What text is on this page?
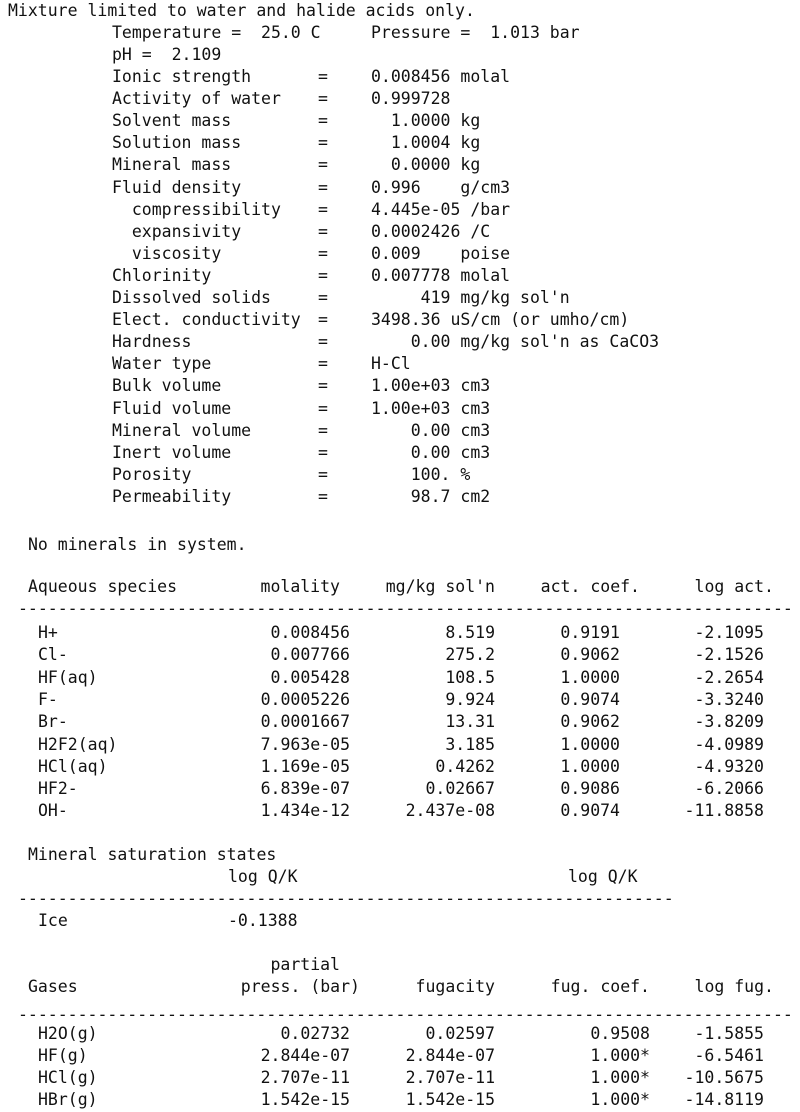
Mixture limited to water and halide acids only.
Temperature =  25.0 C	Pressure =  1.013 bar
pH =  2.109
Ionic strength	=	0.008456 molal
Activity of water =	0.999728
Solvent mass	=	1.0000 kg
Solution mass	=	1.0004 kg
Mineral mass	=	0.0000 kg
Fluid density	=	0.996    g/cm3
compressibility =	4.445e-05 /bar
expansivity	=	0.0002426 /C
viscosity	=	0.009    poise
Chlorinity	=	0.007778 molal
Dissolved solids	=	419 mg/kg sol'n
Elect. conductivity =	3498.36 uS/cm (or umho/cm)
Hardness	=	0.00 mg/kg sol'n as CaCO3
Water type	=	H-Cl
Bulk volume	=	1.00e+03 cm3
Fluid volume	=	1.00e+03 cm3
Mineral volume	=	0.00 cm3
Inert volume	=	0.00 cm3
Porosity	=	100. %
Permeability	=	98.7 cm2
No minerals in system.
Aqueous species	molality	mg/kg sol'n	act. coef.	log act.
------------------------------------------------------------------------------
H+	0.008456	8.519	0.9191	-2.1095
Cl-	0.007766	275.2	0.9062	-2.1526
HF(aq)	0.005428	108.5	1.0000	-2.2654
F-	0.0005226	9.924	0.9074	-3.3240
Br-	0.0001667	13.31	0.9062	-3.8209
H2F2(aq)	7.963e-05	3.185	1.0000	-4.0989
HCl(aq)	1.169e-05	0.4262	1.0000	-4.9320
HF2-	6.839e-07	0.02667	0.9086	-6.2066
OH-	1.434e-12	2.437e-08	0.9074	-11.8858
Mineral saturation states
log Q/K	log Q/K
------------------------------------------------------------------
Ice	-0.1388
partial
Gases	press. (bar)	fugacity	fug. coef.	log fug.
------------------------------------------------------------------------------
H2O(g)	0.02732	0.02597	0.9508	-1.5855
HF(g)	2.844e-07	2.844e-07	1.000*	-6.5461
HCl(g)	2.707e-11	2.707e-11	1.000*	-10.5675
HBr(g)	1.542e-15	1.542e-15	1.000*	-14.8119
